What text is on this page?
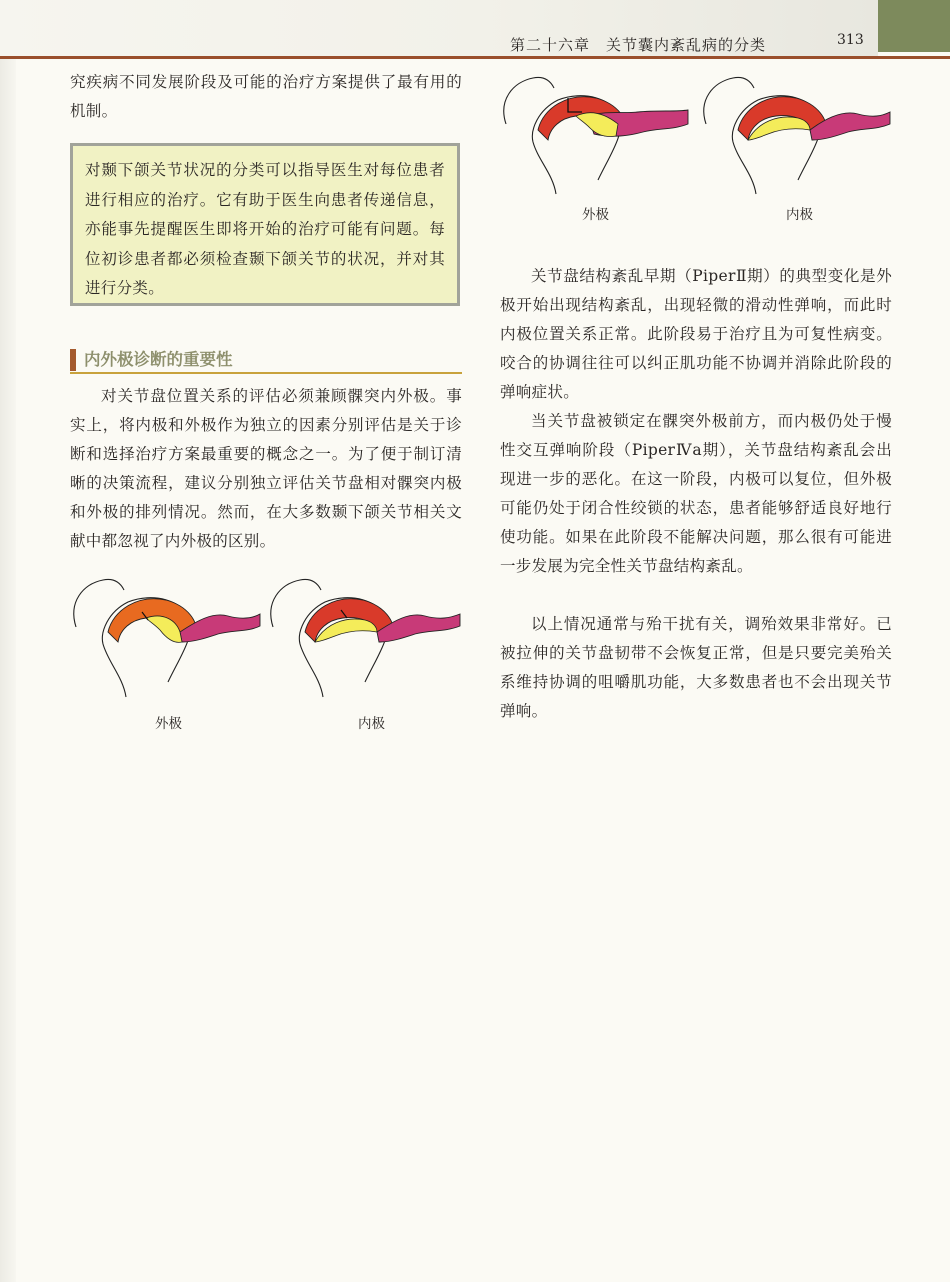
第二十六章　关节囊内紊乱病的分类	313

究疾病不同发展阶段及可能的治疗方案提供了最有用的机制。

对颞下颌关节状况的分类可以指导医生对每位患者进行相应的治疗。它有助于医生向患者传递信息，亦能事先提醒医生即将开始的治疗可能有问题。每位初诊患者都必须检查颞下颌关节的状况，并对其进行分类。

内外极诊断的重要性

对关节盘位置关系的评估必须兼顾髁突内外极。事实上，将内极和外极作为独立的因素分别评估是关于诊断和选择治疗方案最重要的概念之一。为了便于制订清晰的决策流程，建议分别独立评估关节盘相对髁突内极和外极的排列情况。然而，在大多数颞下颌关节相关文献中都忽视了内外极的区别。

外极	内极
外极	内极

关节盘结构紊乱早期（PiperⅡ期）的典型变化是外极开始出现结构紊乱，出现轻微的滑动性弹响，而此时内极位置关系正常。此阶段易于治疗且为可复性病变。咬合的协调往往可以纠正肌功能不协调并消除此阶段的弹响症状。

当关节盘被锁定在髁突外极前方，而内极仍处于慢性交互弹响阶段（PiperⅣa期），关节盘结构紊乱会出现进一步的恶化。在这一阶段，内极可以复位，但外极可能仍处于闭合性绞锁的状态，患者能够舒适良好地行使功能。如果在此阶段不能解决问题，那么很有可能进一步发展为完全性关节盘结构紊乱。

以上情况通常与殆干扰有关，调殆效果非常好。已被拉伸的关节盘韧带不会恢复正常，但是只要完美殆关系维持协调的咀嚼肌功能，大多数患者也不会出现关节弹响。
